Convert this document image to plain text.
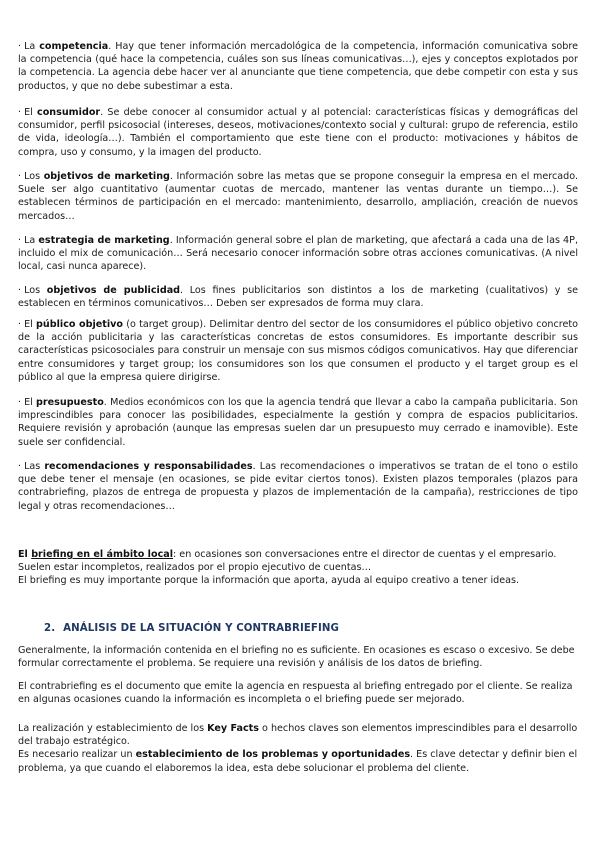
· La competencia. Hay que tener información mercadológica de la competencia, información comunicativa sobre la competencia (qué hace la competencia, cuáles son sus líneas comunicativas…), ejes y conceptos explotados por la competencia. La agencia debe hacer ver al anunciante que tiene competencia, que debe competir con esta y sus productos, y que no debe subestimar a esta.
· El consumidor. Se debe conocer al consumidor actual y al potencial: características físicas y demográficas del consumidor, perfil psicosocial (intereses, deseos, motivaciones/contexto social y cultural: grupo de referencia, estilo de vida, ideología…). También el comportamiento que este tiene con el producto: motivaciones y hábitos de compra, uso y consumo, y la imagen del producto.
· Los objetivos de marketing. Información sobre las metas que se propone conseguir la empresa en el mercado. Suele ser algo cuantitativo (aumentar cuotas de mercado, mantener las ventas durante un tiempo…). Se establecen términos de participación en el mercado: mantenimiento, desarrollo, ampliación, creación de nuevos mercados…
· La estrategia de marketing. Información general sobre el plan de marketing, que afectará a cada una de las 4P, incluido el mix de comunicación… Será necesario conocer información sobre otras acciones comunicativas. (A nivel local, casi nunca aparece).
· Los objetivos de publicidad. Los fines publicitarios son distintos a los de marketing (cualitativos) y se establecen en términos comunicativos… Deben ser expresados de forma muy clara.
· El público objetivo (o target group). Delimitar dentro del sector de los consumidores el público objetivo concreto de la acción publicitaria y las características concretas de estos consumidores. Es importante describir sus características psicosociales para construir un mensaje con sus mismos códigos comunicativos. Hay que diferenciar entre consumidores y target group; los consumidores son los que consumen el producto y el target group es el público al que la empresa quiere dirigirse.
· El presupuesto. Medios económicos con los que la agencia tendrá que llevar a cabo la campaña publicitaria. Son imprescindibles para conocer las posibilidades, especialmente la gestión y compra de espacios publicitarios. Requiere revisión y aprobación (aunque las empresas suelen dar un presupuesto muy cerrado e inamovible). Este suele ser confidencial.
· Las recomendaciones y responsabilidades. Las recomendaciones o imperativos se tratan de el tono o estilo que debe tener el mensaje (en ocasiones, se pide evitar ciertos tonos). Existen plazos temporales (plazos para contrabriefing, plazos de entrega de propuesta y plazos de implementación de la campaña), restricciones de tipo legal y otras recomendaciones…
El briefing en el ámbito local: en ocasiones son conversaciones entre el director de cuentas y el empresario.
Suelen estar incompletos, realizados por el propio ejecutivo de cuentas…
El briefing es muy importante porque la información que aporta, ayuda al equipo creativo a tener ideas.
2. ANÁLISIS DE LA SITUACIÓN Y CONTRABRIEFING
Generalmente, la información contenida en el briefing no es suficiente. En ocasiones es escaso o excesivo. Se debe formular correctamente el problema. Se requiere una revisión y análisis de los datos de briefing.
El contrabriefing es el documento que emite la agencia en respuesta al briefing entregado por el cliente. Se realiza en algunas ocasiones cuando la información es incompleta o el briefing puede ser mejorado.
La realización y establecimiento de los Key Facts o hechos claves son elementos imprescindibles para el desarrollo del trabajo estratégico.
Es necesario realizar un establecimiento de los problemas y oportunidades. Es clave detectar y definir bien el problema, ya que cuando el elaboremos la idea, esta debe solucionar el problema del cliente.
